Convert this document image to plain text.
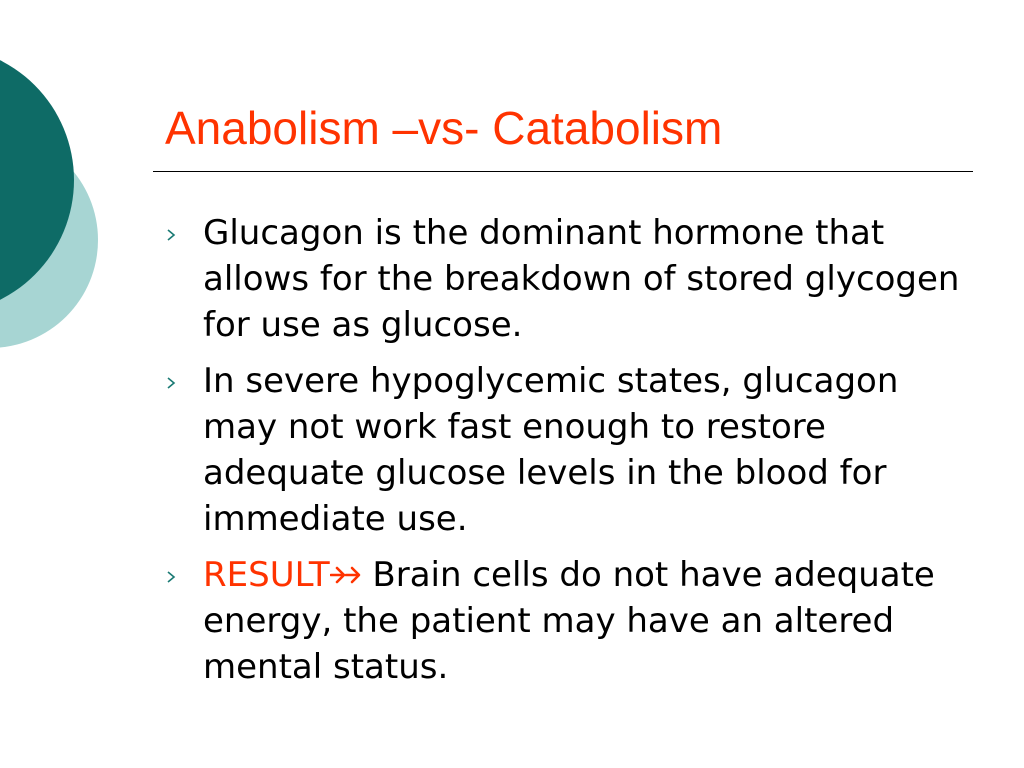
Anabolism –vs- Catabolism
Glucagon is the dominant hormone that allows for the breakdown of stored glycogen for use as glucose.
In severe hypoglycemic states, glucagon may not work fast enough to restore adequate glucose levels in the blood for immediate use.
RESULT Brain cells do not have adequate energy, the patient may have an altered mental status.
